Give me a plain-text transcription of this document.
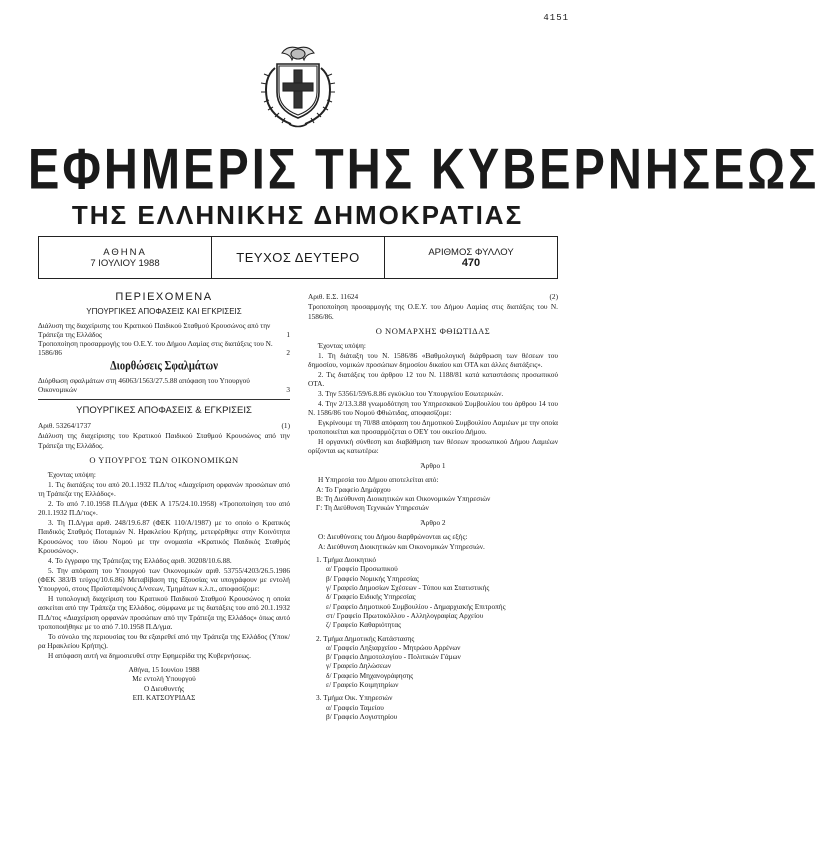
4151
ΕΦΗΜΕΡΙΣ ΤΗΣ ΚΥΒΕΡΝΗΣΕΩΣ
ΤΗΣ ΕΛΛΗΝΙΚΗΣ ΔΗΜΟΚΡΑΤΙΑΣ
ΑΘΗΝΑ
7 ΙΟΥΛΙΟΥ 1988	ΤΕΥΧΟΣ ΔΕΥΤΕΡΟ	ΑΡΙΘΜΟΣ ΦΥΛΛΟΥ
470
ΠΕΡΙΕΧΟΜΕΝΑ
ΥΠΟΥΡΓΙΚΕΣ ΑΠΟΦΑΣΕΙΣ ΚΑΙ ΕΓΚΡΙΣΕΙΣ
Διάλυση της διαχείρισης του Κρατικού Παιδικού Σταθμού Κρουσώνος από την Τράπεζα της Ελλάδος	1
Τροποποίηση προσαρμογής του Ο.Ε.Υ. του Δήμου Λαμίας στις διατάξεις του Ν. 1586/86	2
Διορθώσεις Σφαλμάτων
Διόρθωση σφαλμάτων στη 46063/1563/27.5.88 απόφαση του Υπουργού Οικονομικών	3
ΥΠΟΥΡΓΙΚΕΣ ΑΠΟΦΑΣΕΙΣ & ΕΓΚΡΙΣΕΙΣ
Αριθ. 53264/1737	(1)
Διάλυση της διαχείρισης του Κρατικού Παιδικού Σταθμού Κρουσώνος από την Τράπεζα της Ελλάδος.
Ο ΥΠΟΥΡΓΟΣ ΤΩΝ ΟΙΚΟΝΟΜΙΚΩΝ
Έχοντας υπόψη:
1. Τις διατάξεις του από 20.1.1932 Π.Δ/τος «Διαχείριση ορφανών προσώπων από τη Τράπεζα της Ελλάδος».
2. Το από 7.10.1958 Π.Δ/γμα (ΦΕΚ Α 175/24.10.1958) «Τροποποίηση του από 20.1.1932 Π.Δ/τος».
3. Τη Π.Δ/γμα αριθ. 248/19.6.87 (ΦΕΚ 110/Α/1987) με το οποίο ο Κρατικός Παιδικός Σταθμός Ποταμιών Ν. Ηρακλείου Κρήτης, μετεφέρθηκε στην Κοινότητα Κρουσώνος του ίδιου Νομού με την ονομασία «Κρατικός Παιδικός Σταθμός Κρουσώνος».
4. Το έγγραφο της Τράπεζας της Ελλάδος αριθ. 30208/10.6.88.
5. Την απόφαση του Υπουργού των Οικονομικών αριθ. 53755/4203/26.5.1986 (ΦΕΚ 383/Β τεύχος/10.6.86) Μεταβίβαση της Εξουσίας να υπογράφουν με εντολή Υπουργού, στους Προϊσταμένους Δ/νσεων, Τμημάτων κ.λ.π., αποφασίζομε:
Η τυπολογική διαχείριση του Κρατικού Παιδικού Σταθμού Κρουσώνος η οποία ασκείται από την Τράπεζα της Ελλάδος, σύμφωνα με τις διατάξεις του από 20.1.1932 Π.Δ/τος «Διαχείριση ορφανών προσώπων από την Τράπεζα της Ελλάδος» όπως αυτό τροποποιήθηκε με το από 7.10.1958 Π.Δ/γμα.
Το σύνολο της περιουσίας του θα εξαιρεθεί από την Τράπεζα της Ελλάδος (Υποκ/ρα Ηρακλείου Κρήτης).
Η απόφαση αυτή να δημοσιευθεί στην Εφημερίδα της Κυβερνήσεως.
Αθήνα, 15 Ιουνίου 1988
Με εντολή Υπουργού
Ο Διευθυντής
ΕΠ. ΚΑΤΣΟΥΡΙΔΑΣ
Αριθ. Ε.Σ. 11624	(2)
Τροποποίηση προσαρμογής της Ο.Ε.Υ. του Δήμου Λαμίας στις διατάξεις του Ν. 1586/86.
Ο ΝΟΜΑΡΧΗΣ ΦΘΙΩΤΙΔΑΣ
Έχοντας υπόψη:
1. Τη διάταξη του Ν. 1586/86 «Βαθμολογική διάρθρωση των θέσεων του δημοσίου, νομικών προσώπων δημοσίου δικαίου και ΟΤΑ και άλλες διατάξεις».
2. Τις διατάξεις του άρθρου 12 του Ν. 1188/81 κατά καταστάσεις προσωπικού ΟΤΑ.
3. Την 53561/59/6.8.86 εγκύκλιο του Υπουργείου Εσωτερικών.
4. Την 2/13.3.88 γνωμοδότηση του Υπηρεσιακού Συμβουλίου του άρθρου 14 του Ν. 1586/86 του Νομού Φθιώτιδας, αποφασίζομε:
Εγκρίνουμε τη 70/88 απόφαση του Δημοτικού Συμβουλίου Λαμιέων με την οποία τροποποιείται και προσαρμόζεται ο ΟΕΥ του οικείου Δήμου.
Η οργανική σύνθεση και διαβάθμιση των θέσεων προσωπικού Δήμου Λαμιέων ορίζονται ως κατωτέρω:
Άρθρο 1
Η Υπηρεσία του Δήμου αποτελείται από:
Α: Το Γραφείο Δημάρχου
Β: Τη Διεύθυνση Διοικητικών και Οικονομικών Υπηρεσιών
Γ: Τη Διεύθυνση Τεχνικών Υπηρεσιών
Άρθρο 2
Ο: Διευθύνσεις του Δήμου διαρθρώνονται ως εξής:
Α: Διεύθυνση Διοικητικών και Οικονομικών Υπηρεσιών.
1. Τμήμα Διοικητικό
α/ Γραφείο Προσωπικού
β/ Γραφείο Νομικής Υπηρεσίας
γ/ Γραφείο Δημοσίων Σχέσεων - Τύπου και Στατιστικής
δ/ Γραφείο Ειδικής Υπηρεσίας
ε/ Γραφείο Δημοτικού Συμβουλίου - Δημαρχιακής Επιτροπής
στ/ Γραφείο Πρωτοκόλλου - Αλληλογραφίας Αρχείου
ζ/ Γραφείο Καθαριότητας
2. Τμήμα Δημοτικής Κατάστασης
α/ Γραφείο Ληξιαρχείου - Μητρώου Αρρένων
β/ Γραφείο Δημοτολογίου - Πολιτικών Γάμων
γ/ Γραφείο Δηλώσεων
δ/ Γραφείο Μηχανογράφησης
ε/ Γραφείο Κοιμητηρίων
3. Τμήμα Οικ. Υπηρεσιών
α/ Γραφείο Ταμείου
β/ Γραφείο Λογιστηρίου
